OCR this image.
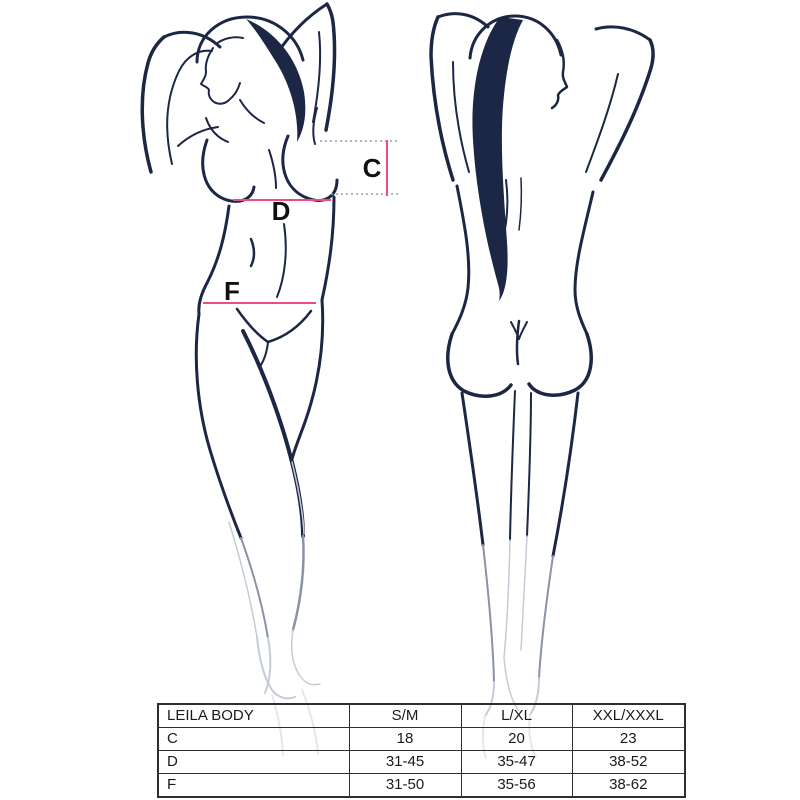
C
D
F
LEILA BODY	S/M	L/XL	XXL/XXXL
C	18	20	23
D	31-45	35-47	38-52
F	31-50	35-56	38-62
